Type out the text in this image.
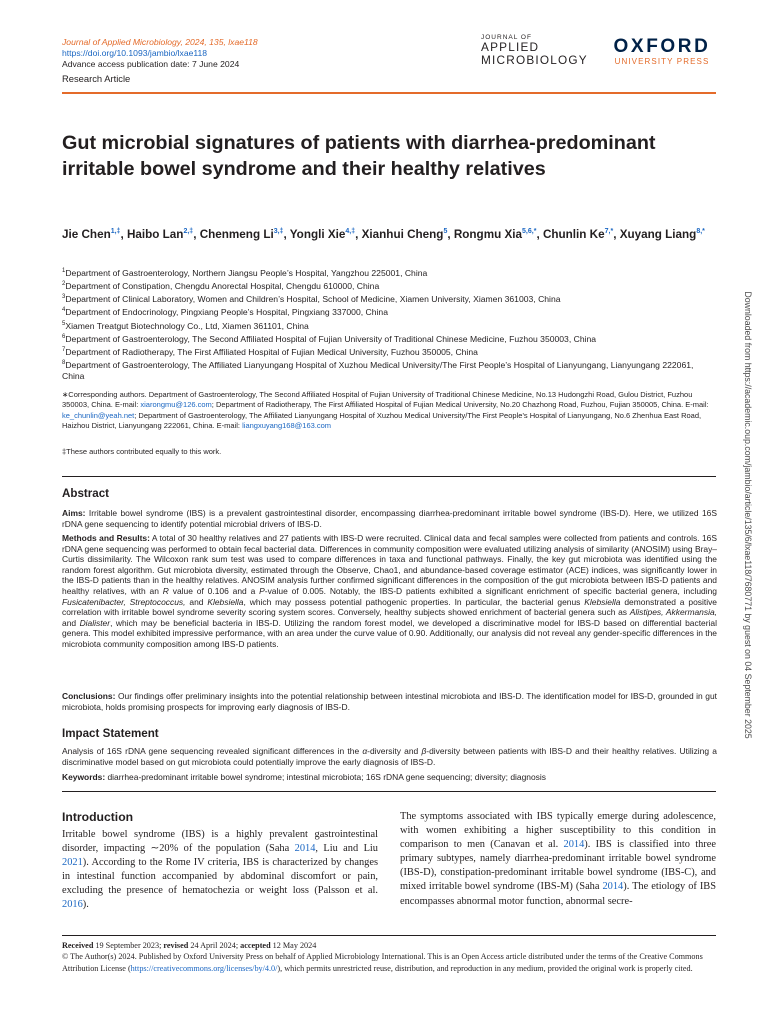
Journal of Applied Microbiology, 2024, 135, lxae118
https://doi.org/10.1093/jambio/lxae118
Advance access publication date: 7 June 2024
Research Article
JOURNAL OF
APPLIED
MICROBIOLOGY
OXFORD
UNIVERSITY PRESS
Gut microbial signatures of patients with diarrhea-predominant irritable bowel syndrome and their healthy relatives
Jie Chen$^{1,\ddagger}$, Haibo Lan$^{2,\ddagger}$, Chenmeng $Li^{3,\ddagger}$, Yongli Xie$^{4,\ddagger}$, Xianhui Cheng$^5$, Rongmu Xia$^{5,6,*}$, Chunlin $Ke^{7,*}$, Xuyang Liang$^{8,*}$
$^1$Department of Gastroenterology, Northern Jiangsu People’s Hospital, Yangzhou 225001, China
$^2$Department of Constipation, Chengdu Anorectal Hospital, Chengdu 610000, China
$^3$Department of Clinical Laboratory, Women and Children’s Hospital, School of Medicine, Xiamen University, Xiamen 361003, China
$^4$Department of Endocrinology, Pingxiang People’s Hospital, Pingxiang 337000, China
$^5$Xiamen Treatgut Biotechnology Co., Ltd, Xiamen 361101, China
$^6$Department of Gastroenterology, The Second Affiliated Hospital of Fujian University of Traditional Chinese Medicine, Fuzhou 350003, China
$^7$Department of Radiotherapy, The First Affiliated Hospital of Fujian Medical University, Fuzhou 350005, China
$^8$Department of Gastroenterology, The Affiliated Lianyungang Hospital of Xuzhou Medical University/The First People’s Hospital of Lianyungang, Lianyungang 222061, China
∗Corresponding authors. Department of Gastroenterology, The Second Affiliated Hospital of Fujian University of Traditional Chinese Medicine, No.13 Hudongzhi Road, Gulou District, Fuzhou 350003, China. E-mail: xiarongmu@126.com; Department of Radiotherapy, The First Affiliated Hospital of Fujian Medical University, No.20 Chazhong Road, Fuzhou, Fujian 350005, China. E-mail: ke_chunlin@yeah.net; Department of Gastroenterology, The Affiliated Lianyungang Hospital of Xuzhou Medical University/The First People’s Hospital of Lianyungang, No.6 Zhenhua East Road, Haizhou District, Lianyungang 222061, China. E-mail: liangxuyang168@163.com
‡These authors contributed equally to this work.
Abstract

Aims: Irritable bowel syndrome (IBS) is a prevalent gastrointestinal disorder, encompassing diarrhea-predominant irritable bowel syndrome (IBS-D). Here, we utilized 16S rDNA gene sequencing to identify potential microbial drivers of IBS-D.

Methods and Results: A total of 30 healthy relatives and 27 patients with IBS-D were recruited. Clinical data and fecal samples were collected from patients and controls. 16S rDNA gene sequencing was performed to obtain fecal bacterial data. Differences in community composition were evaluated utilizing analysis of similarity (ANOSIM) using Bray–Curtis dissimilarity. The Wilcoxon rank sum test was used to compare differences in taxa and functional pathways. Finally, the key gut microbiota was identified using the random forest algorithm. Gut microbiota diversity, estimated through the Observe, Chao1, and abundance-based coverage estimator (ACE) indices, was significantly lower in the IBS-D patients than in the healthy relatives. ANOSIM analysis further confirmed significant differences in the composition of the gut microbiota between IBS-D patients and healthy relatives, with an R value of 0.106 and a P-value of 0.005. Notably, the IBS-D patients exhibited a significant enrichment of specific bacterial genera, including Fusicatenibacter, Streptococcus, and Klebsiella, which may possess potential pathogenic properties. In particular, the bacterial genus Klebsiella demonstrated a positive correlation with irritable bowel syndrome severity scoring system scores. Conversely, healthy subjects showed enrichment of bacterial genera such as Alistipes, Akkermansia, and Dialister, which may be beneficial bacteria in IBS-D. Utilizing the random forest model, we developed a discriminative model for IBS-D based on differential bacterial genera. This model exhibited impressive performance, with an area under the curve value of 0.90. Additionally, our analysis did not reveal any gender-specific differences in the microbiota community composition among IBS-D patients.

Conclusions: Our findings offer preliminary insights into the potential relationship between intestinal microbiota and IBS-D. The identification model for IBS-D, grounded in gut microbiota, holds promising prospects for improving early diagnosis of IBS-D.

Impact Statement

Analysis of 16S rDNA gene sequencing revealed significant differences in the α-diversity and β-diversity between patients with IBS-D and their healthy relatives. Utilizing a discriminative model based on gut microbiota could potentially improve the early diagnosis of IBS-D.

Keywords: diarrhea-predominant irritable bowel syndrome; intestinal microbiota; 16S rDNA gene sequencing; diversity; diagnosis

Introduction

Irritable bowel syndrome (IBS) is a highly prevalent gastrointestinal disorder, impacting ∼20% of the population (Saha 2014, Liu and Liu 2021). According to the Rome IV criteria, IBS is characterized by changes in intestinal function accompanied by abdominal discomfort or pain, excluding the presence of hematochezia or weight loss (Palsson et al. 2016).

The symptoms associated with IBS typically emerge during adolescence, with women exhibiting a higher susceptibility to this condition in comparison to men (Canavan et al. 2014). IBS is classified into three primary subtypes, namely diarrhea-predominant irritable bowel syndrome (IBS-D), constipation-predominant irritable bowel syndrome (IBS-C), and mixed irritable bowel syndrome (IBS-M) (Saha 2014). The etiology of IBS encompasses abnormal motor function, abnormal secre-

Received 19 September 2023; revised 24 April 2024; accepted 12 May 2024
© The Author(s) 2024. Published by Oxford University Press on behalf of Applied Microbiology International. This is an Open Access article distributed under the terms of the Creative Commons Attribution License (https://creativecommons.org/licenses/by/4.0/), which permits unrestricted reuse, distribution, and reproduction in any medium, provided the original work is properly cited.
Downloaded from https://academic.oup.com/jambio/article/135/6/lxae118/7680771 by guest on 04 September 2025
